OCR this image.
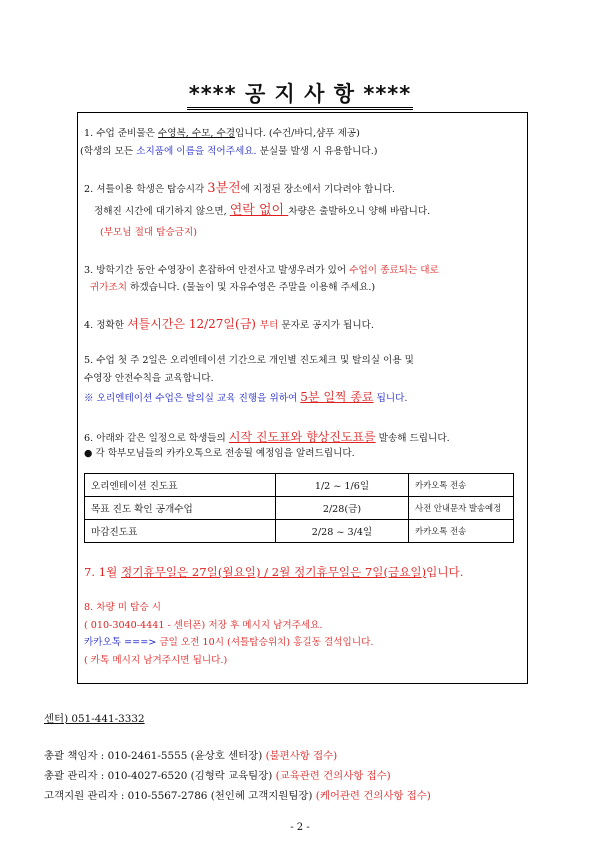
**** 공 지 사 항 ****
1. 수업 준비물은 수영복, 수모, 수경입니다. (수건/바디,샴푸 제공)
(학생의 모든 소지품에 이름을 적어주세요. 분실물 발생 시 유용합니다.)
2. 셔틀이용 학생은 탑승시각 3분전에 지정된 장소에서 기다려야 합니다.
정해진 시간에 대기하지 않으면, 연락 없이 차량은 출발하오니 양해 바랍니다.
(부모님 절대 탑승금지)
3. 방학기간 동안 수영장이 혼잡하여 안전사고 발생우려가 있어 수업이 종료되는 대로
귀가조치 하겠습니다. (물놀이 및 자유수영은 주말을 이용해 주세요.)
4. 정확한 셔틀시간은 12/27일(금) 부터 문자로 공지가 됩니다.
5. 수업 첫 주 2일은 오리엔테이션 기간으로 개인별 진도체크 및 탈의실 이용 및
수영장 안전수칙을 교육합니다.
※ 오리엔테이션 수업은 탈의실 교육 진행을 위하여 5분 일찍 종료 됩니다.
6. 아래와 같은 일정으로 학생들의 시작 진도표와 향상진도표를 발송해 드립니다.
● 각 학부모님들의 카카오톡으로 전송될 예정임을 알려드립니다.
오리엔테이션 진도표	1/2 ~ 1/6일	카카오톡 전송
목표 진도 확인 공개수업	2/28(금)	사전 안내문자 발송예정
마감진도표	2/28 ~ 3/4일	카카오톡 전송
7. 1월 정기휴무일은 27일(월요일) / 2월 정기휴무일은 7일(금요일)입니다.
8. 차량 미 탑승 시
( 010-3040-4441 - 센터폰) 저장 후 메시지 남겨주세요.
카카오톡 ===> 금일 오전 10시 (셔틀탑승위치) 홍길동 결석입니다.
( 카톡 메시지 남겨주시면 됩니다.)
센터) 051-441-3332
총괄 책임자 : 010-2461-5555 (윤상호 센터장) (불편사항 접수)
총괄 관리자 : 010-4027-6520 (김형락 교육팀장) (교육관련 건의사항 접수)
고객지원 관리자 : 010-5567-2786 (천인혜 고객지원팀장) (케어관련 건의사항 접수)
- 2 -
